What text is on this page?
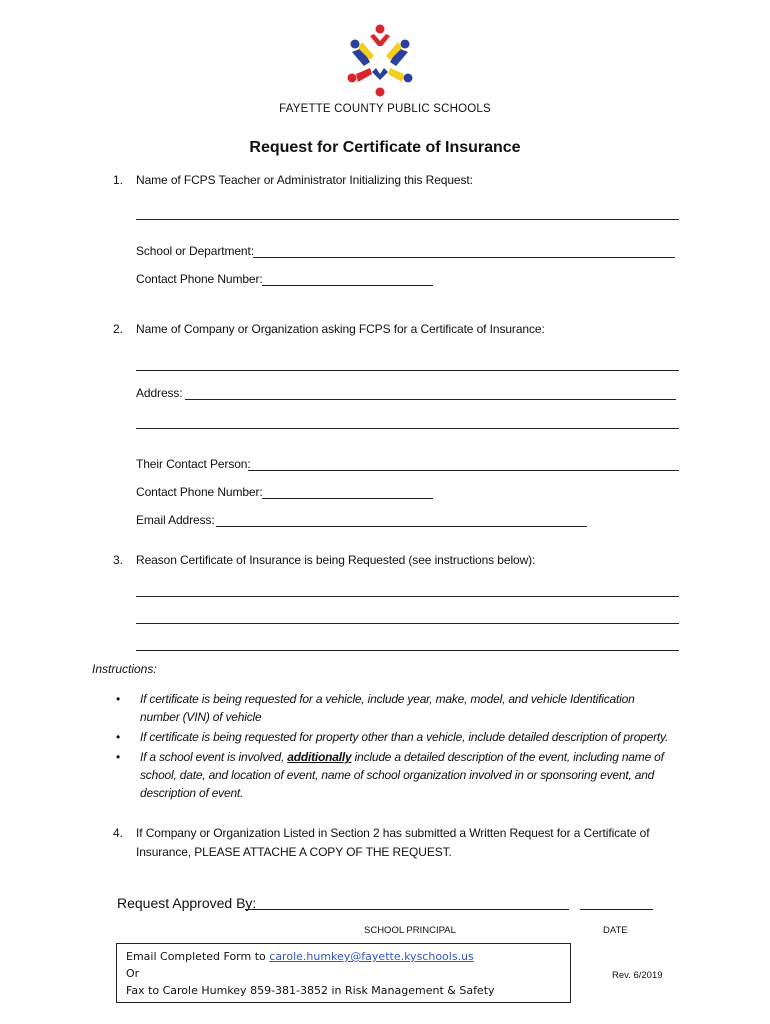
FAYETTE COUNTY PUBLIC SCHOOLS
Request for Certificate of Insurance
1. Name of FCPS Teacher or Administrator Initializing this Request:
School or Department:
Contact Phone Number:
2. Name of Company or Organization asking FCPS for a Certificate of Insurance:
Address:
Their Contact Person:
Contact Phone Number:
Email Address:
3. Reason Certificate of Insurance is being Requested (see instructions below):
Instructions:
• If certificate is being requested for a vehicle, include year, make, model, and vehicle Identification number (VIN) of vehicle
• If certificate is being requested for property other than a vehicle, include detailed description of property.
• If a school event is involved, additionally include a detailed description of the event, including name of school, date, and location of event, name of school organization involved in or sponsoring event, and description of event.
4. If Company or Organization Listed in Section 2 has submitted a Written Request for a Certificate of
Insurance, PLEASE ATTACHE A COPY OF THE REQUEST.
Request Approved By:
SCHOOL PRINCIPAL	DATE
Email Completed Form to carole.humkey@fayette.kyschools.us
Or
Fax to Carole Humkey 859-381-3852 in Risk Management & Safety
Rev. 6/2019
